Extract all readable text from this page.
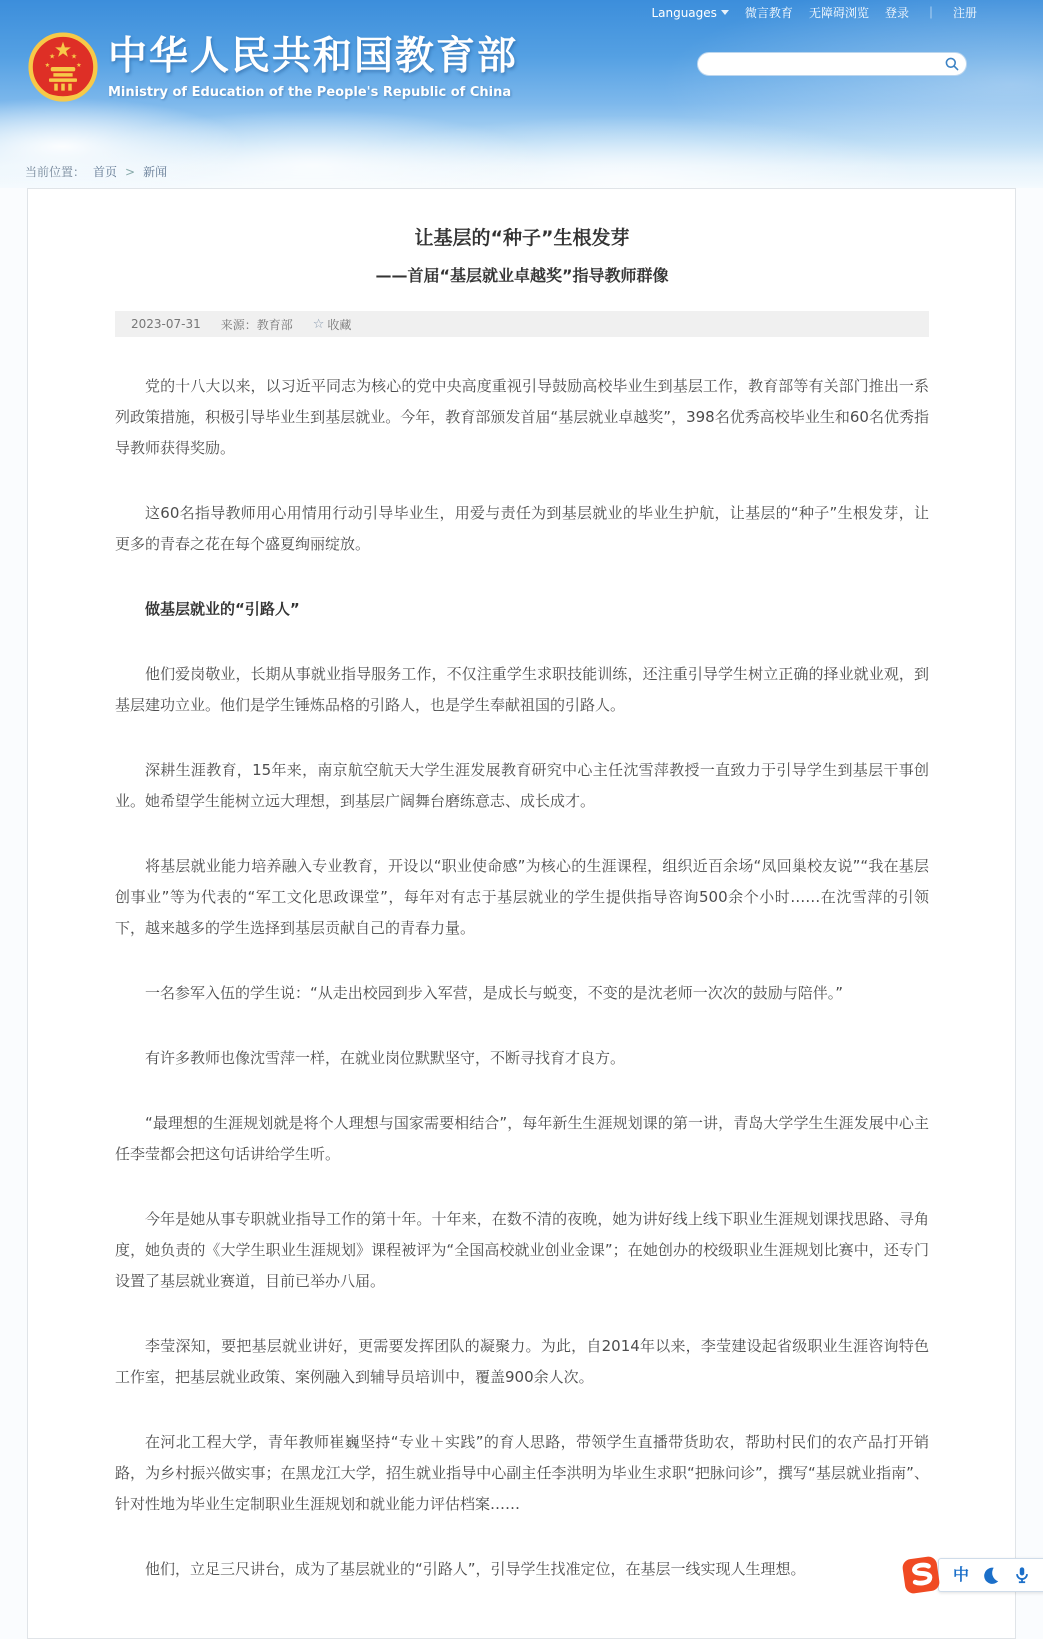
Languages 微言教育 无障碍浏览 登录 ｜ 注册
★ ★
★	★ 中华人民共和国教育部
Ministry of Education of the People's Republic of China
当前位置： 首页 > 新闻
让基层的“种子”生根发芽
——首届“基层就业卓越奖”指导教师群像
2023-07-31 来源：教育部 ☆ 收藏

党的十八大以来，以习近平同志为核心的党中央高度重视引导鼓励高校毕业生到基层工作，教育部等有关部门推出一系列政策措施，积极引导毕业生到基层就业。今年，教育部颁发首届“基层就业卓越奖”，398名优秀高校毕业生和60名优秀指导教师获得奖励。

这60名指导教师用心用情用行动引导毕业生，用爱与责任为到基层就业的毕业生护航，让基层的“种子”生根发芽，让更多的青春之花在每个盛夏绚丽绽放。

做基层就业的“引路人”

他们爱岗敬业，长期从事就业指导服务工作，不仅注重学生求职技能训练，还注重引导学生树立正确的择业就业观，到基层建功立业。他们是学生锤炼品格的引路人，也是学生奉献祖国的引路人。

深耕生涯教育，15年来，南京航空航天大学生涯发展教育研究中心主任沈雪萍教授一直致力于引导学生到基层干事创业。她希望学生能树立远大理想，到基层广阔舞台磨练意志、成长成才。

将基层就业能力培养融入专业教育，开设以“职业使命感”为核心的生涯课程，组织近百余场“凤回巢校友说”“我在基层创事业”等为代表的“军工文化思政课堂”，每年对有志于基层就业的学生提供指导咨询500余个小时……在沈雪萍的引领下，越来越多的学生选择到基层贡献自己的青春力量。

一名参军入伍的学生说：“从走出校园到步入军营，是成长与蜕变，不变的是沈老师一次次的鼓励与陪伴。”

有许多教师也像沈雪萍一样，在就业岗位默默坚守，不断寻找育才良方。

“最理想的生涯规划就是将个人理想与国家需要相结合”，每年新生生涯规划课的第一讲，青岛大学学生生涯发展中心主任李莹都会把这句话讲给学生听。

今年是她从事专职就业指导工作的第十年。十年来，在数不清的夜晚，她为讲好线上线下职业生涯规划课找思路、寻角度，她负责的《大学生职业生涯规划》课程被评为“全国高校就业创业金课”；在她创办的校级职业生涯规划比赛中，还专门设置了基层就业赛道，目前已举办八届。

李莹深知，要把基层就业讲好，更需要发挥团队的凝聚力。为此，自2014年以来，李莹建设起省级职业生涯咨询特色工作室，把基层就业政策、案例融入到辅导员培训中，覆盖900余人次。

在河北工程大学，青年教师崔巍坚持“专业＋实践”的育人思路，带领学生直播带货助农，帮助村民们的农产品打开销路，为乡村振兴做实事；在黑龙江大学，招生就业指导中心副主任李洪明为毕业生求职“把脉问诊”，撰写“基层就业指南”、针对性地为毕业生定制职业生涯规划和就业能力评估档案……

他们，立足三尺讲台，成为了基层就业的“引路人”，引导学生找准定位，在基层一线实现人生理想。	中
